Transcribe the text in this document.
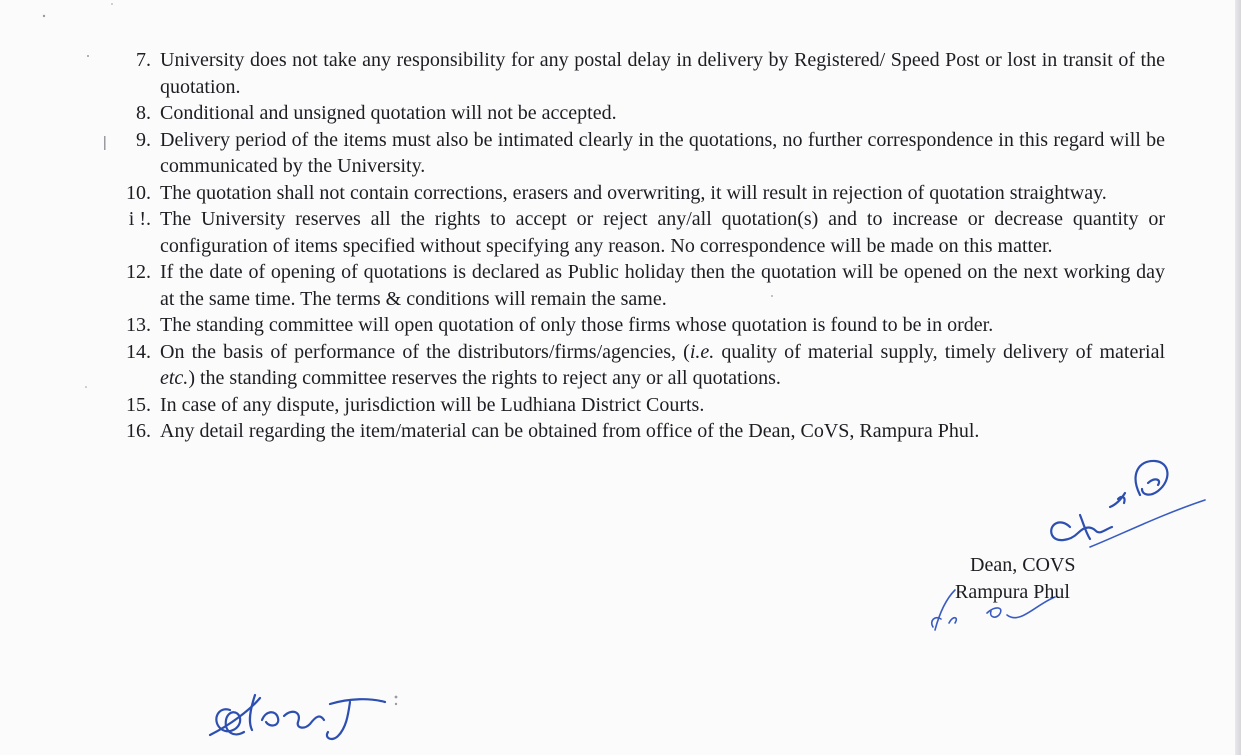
7. University does not take any responsibility for any postal delay in delivery by Registered/ Speed Post or lost in transit of the quotation.
8. Conditional and unsigned quotation will not be accepted.
9. Delivery period of the items must also be intimated clearly in the quotations, no further correspondence in this regard will be communicated by the University.
10. The quotation shall not contain corrections, erasers and overwriting, it will result in rejection of quotation straightway.
i !. The University reserves all the rights to accept or reject any/all quotation(s) and to increase or decrease quantity or configuration of items specified without specifying any reason. No correspondence will be made on this matter.
12. If the date of opening of quotations is declared as Public holiday then the quotation will be opened on the next working day at the same time. The terms & conditions will remain the same.
13. The standing committee will open quotation of only those firms whose quotation is found to be in order.
14. On the basis of performance of the distributors/firms/agencies, (i.e. quality of material supply, timely delivery of material etc.) the standing committee reserves the rights to reject any or all quotations.
15. In case of any dispute, jurisdiction will be Ludhiana District Courts.
16. Any detail regarding the item/material can be obtained from office of the Dean, CoVS, Rampura Phul.
Dean, COVS
Rampura Phul
